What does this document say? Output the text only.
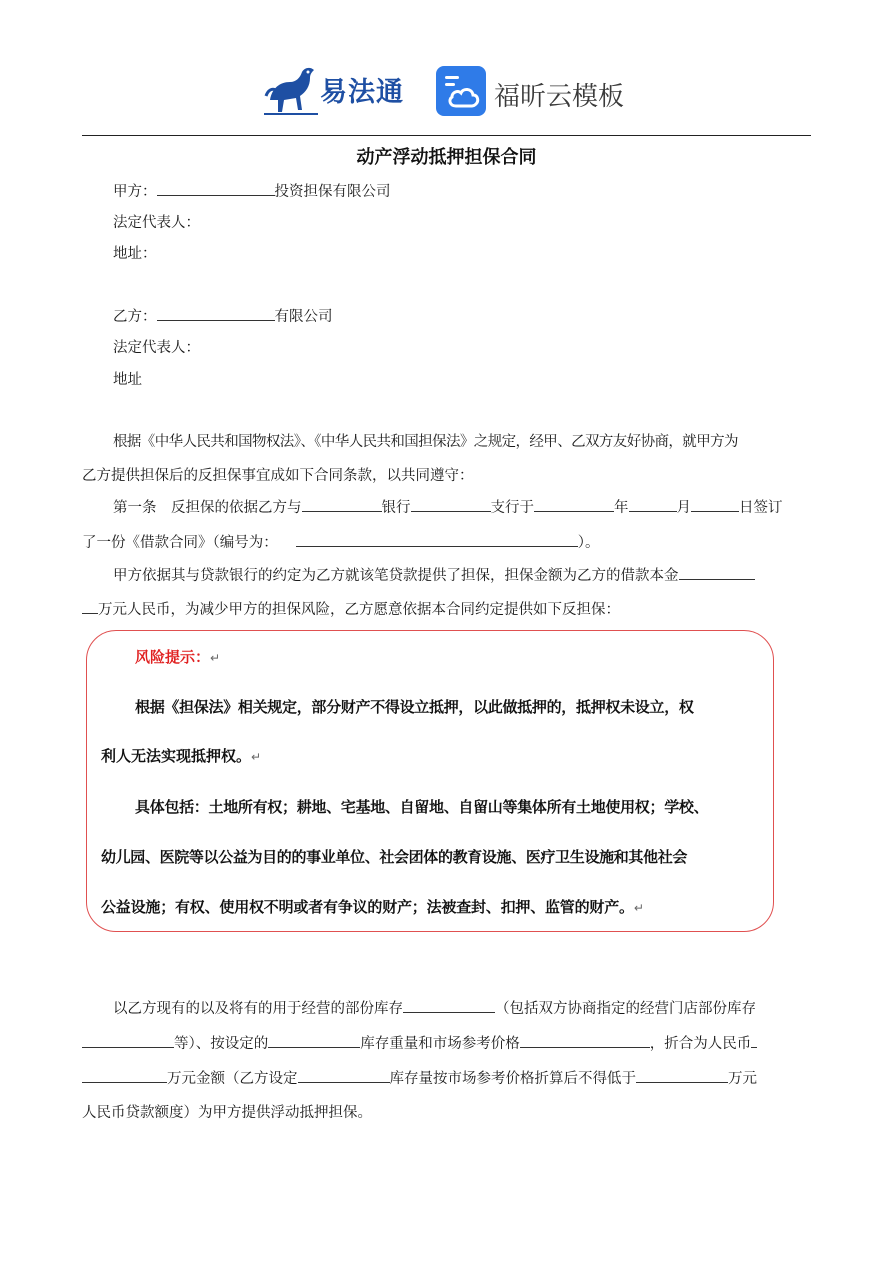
易法通	福昕云模板
动产浮动抵押担保合同
甲方：	投资担保有限公司
法定代表人：
地址：
乙方：	有限公司
法定代表人：
地址
根据《中华人民共和国物权法》、《中华人民共和国担保法》之规定，经甲、乙双方友好协商，就甲方为
乙方提供担保后的反担保事宜成如下合同条款，以共同遵守：
第一条　反担保的依据乙方与	银行	支行于	年	月	日签订
了一份《借款合同》（编号为：	）。
甲方依据其与贷款银行的约定为乙方就该笔贷款提供了担保，担保金额为乙方的借款本金
万元人民币，为减少甲方的担保风险，乙方愿意依据本合同约定提供如下反担保：
风险提示：↵
根据《担保法》相关规定，部分财产不得设立抵押，以此做抵押的，抵押权未设立，权
利人无法实现抵押权。↵
具体包括：土地所有权；耕地、宅基地、自留地、自留山等集体所有土地使用权；学校、
幼儿园、医院等以公益为目的的事业单位、社会团体的教育设施、医疗卫生设施和其他社会
公益设施；有权、使用权不明或者有争议的财产；法被查封、扣押、监管的财产。↵
以乙方现有的以及将有的用于经营的部份库存	（包括双方协商指定的经营门店部份库存
等）、按设定的	库存重量和市场参考价格	，折合为人民币
万元金额（乙方设定	库存量按市场参考价格折算后不得低于	万元
人民币贷款额度）为甲方提供浮动抵押担保。
